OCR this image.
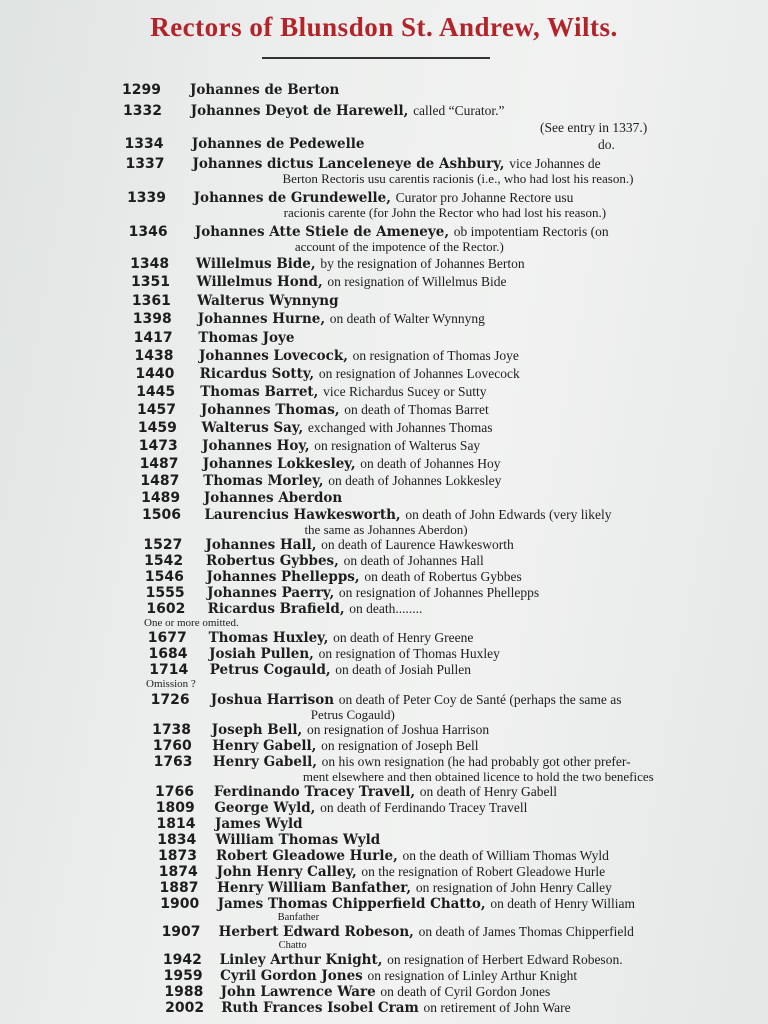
Rectors of Blunsdon St. Andrew, Wilts.
1299 Johannes de Berton
1332 Johannes Deyot de Harewell, called “Curator.”
1334 Johannes de Pedewelle
1337 Johannes dictus Lanceleneye de Ashbury, vice Johannes de
Berton Rectoris usu carentis racionis (i.e., who had lost his reason.)
1339 Johannes de Grundewelle, Curator pro Johanne Rectore usu
racionis carente (for John the Rector who had lost his reason.)
1346 Johannes Atte Stiele de Ameneye, ob impotentiam Rectoris (on
account of the impotence of the Rector.)
1348 Willelmus Bide, by the resignation of Johannes Berton
1351 Willelmus Hond, on resignation of Willelmus Bide
1361 Walterus Wynnyng
1398 Johannes Hurne, on death of Walter Wynnyng
1417 Thomas Joye
1438 Johannes Lovecock, on resignation of Thomas Joye
1440 Ricardus Sotty, on resignation of Johannes Lovecock
1445 Thomas Barret, vice Richardus Sucey or Sutty
1457 Johannes Thomas, on death of Thomas Barret
1459 Walterus Say, exchanged with Johannes Thomas
1473 Johannes Hoy, on resignation of Walterus Say
1487 Johannes Lokkesley, on death of Johannes Hoy
1487 Thomas Morley, on death of Johannes Lokkesley
1489 Johannes Aberdon
1506 Laurencius Hawkesworth, on death of John Edwards (very likely
the same as Johannes Aberdon)
1527 Johannes Hall, on death of Laurence Hawkesworth
1542 Robertus Gybbes, on death of Johannes Hall
1546 Johannes Phellepps, on death of Robertus Gybbes
1555 Johannes Paerry, on resignation of Johannes Phellepps
1602 Ricardus Brafield, on death........
1677 Thomas Huxley, on death of Henry Greene
1684 Josiah Pullen, on resignation of Thomas Huxley
1714 Petrus Cogauld, on death of Josiah Pullen
1726 Joshua Harrison on death of Peter Coy de Santé (perhaps the same as
Petrus Cogauld)
1738 Joseph Bell, on resignation of Joshua Harrison
1760 Henry Gabell, on resignation of Joseph Bell
1763 Henry Gabell, on his own resignation (he had probably got other prefer-
ment elsewhere and then obtained licence to hold the two benefices
1766 Ferdinando Tracey Travell, on death of Henry Gabell
1809 George Wyld, on death of Ferdinando Tracey Travell
1814 James Wyld
1834 William Thomas Wyld
1873 Robert Gleadowe Hurle, on the death of William Thomas Wyld
1874 John Henry Calley, on the resignation of Robert Gleadowe Hurle
1887 Henry William Banfather, on resignation of John Henry Calley
1900 James Thomas Chipperfield Chatto, on death of Henry William
Banfather
1907 Herbert Edward Robeson, on death of James Thomas Chipperfield
Chatto
1942 Linley Arthur Knight, on resignation of Herbert Edward Robeson.
1959 Cyril Gordon Jones on resignation of Linley Arthur Knight
1988 John Lawrence Ware on death of Cyril Gordon Jones
2002 Ruth Frances Isobel Cram on retirement of John Ware
(See entry in 1337.)
do.
One or more omitted.
Omission ?
